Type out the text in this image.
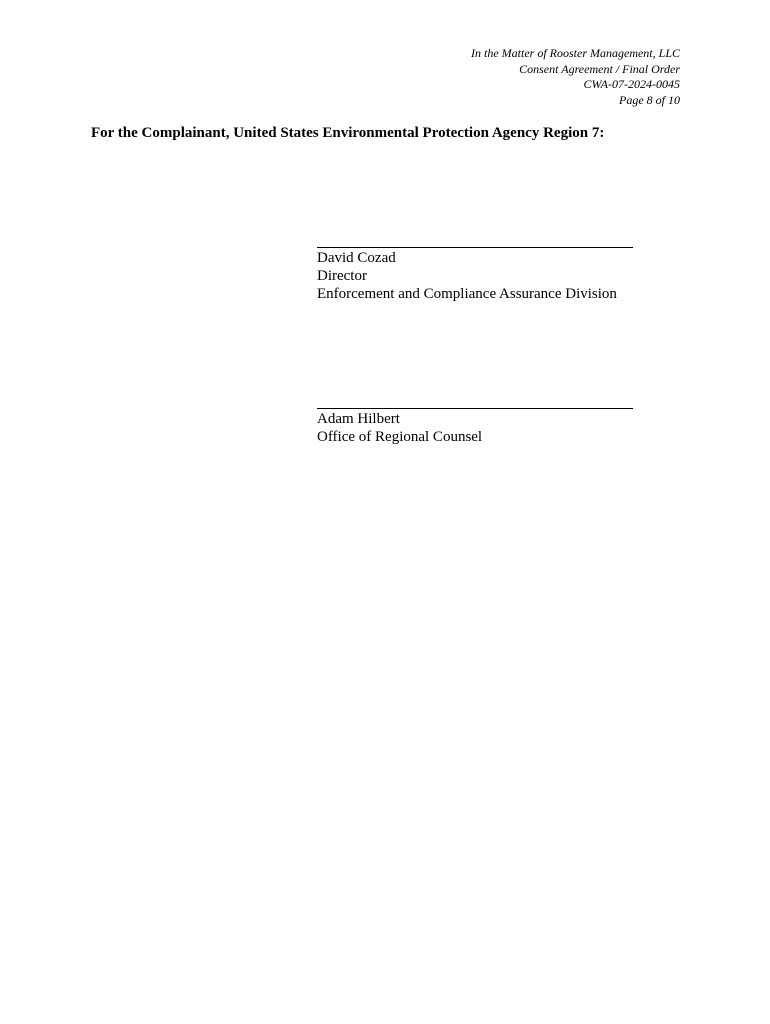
In the Matter of Rooster Management, LLC
Consent Agreement / Final Order
CWA-07-2024-0045
Page 8 of 10
For the Complainant, United States Environmental Protection Agency Region 7:
David Cozad
Director
Enforcement and Compliance Assurance Division
Adam Hilbert
Office of Regional Counsel
